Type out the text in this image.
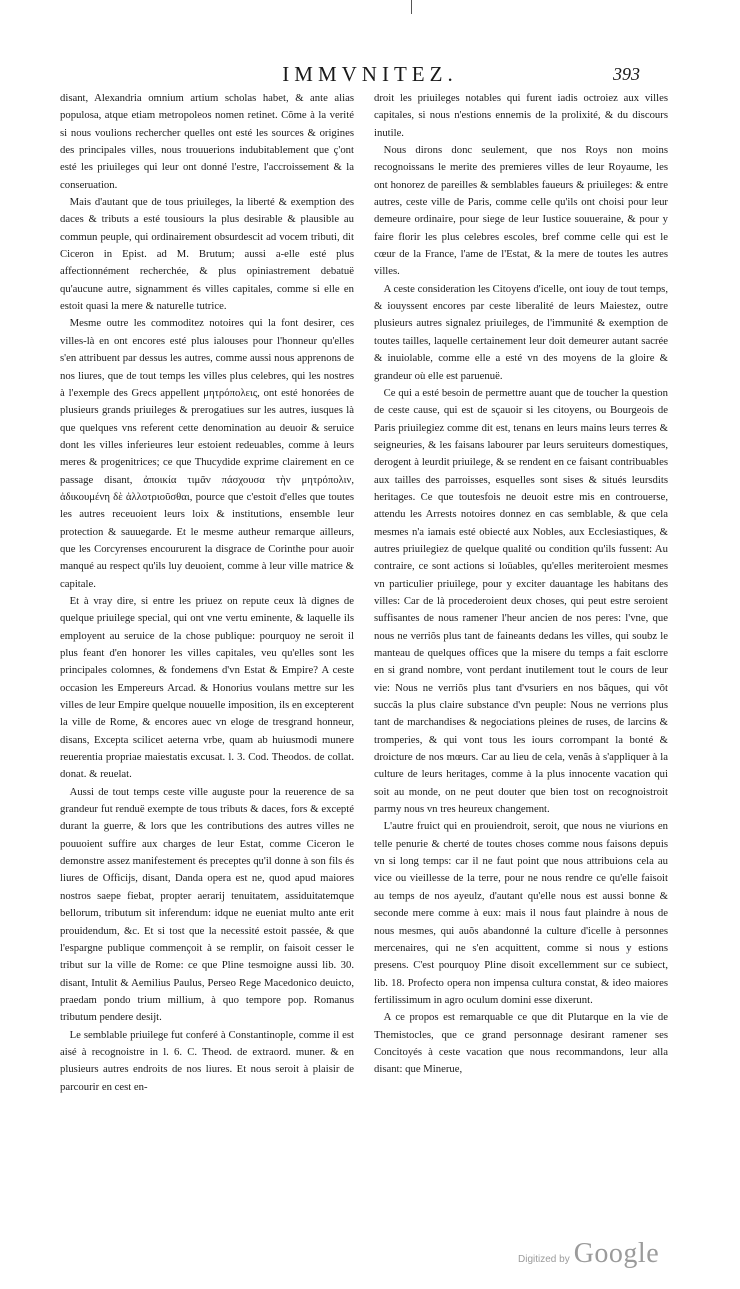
IMMVNITEZ.	393

disant, Alexandria omnium artium scholas habet, & ante alias populosa, atque etiam metropoleos nomen retinet. Cõme à la verité si nous voulions rechercher quelles ont esté les sources & origines des principales villes, nous trouuerions indubitablement que ç'ont esté les priuileges qui leur ont donné l'estre, l'accroissement & la conseruation.

Mais d'autant que de tous priuileges, la liberté & exemption des daces & tributs a esté tousiours la plus desirable & plausible au commun peuple, qui ordinairement obsurdescit ad vocem tributi, dit Ciceron in Epist. ad M. Brutum; aussi a-elle esté plus affectionnément recherchée, & plus opiniastrement debatuë qu'aucune autre, signamment és villes capitales, comme si elle en estoit quasi la mere & naturelle tutrice.

Mesme outre les commoditez notoires qui la font desirer, ces villes-là en ont encores esté plus ialouses pour l'honneur qu'elles s'en attribuent par dessus les autres, comme aussi nous apprenons de nos liures, que de tout temps les villes plus celebres, qui les nostres à l'exemple des Grecs appellent μητρόπολεις, ont esté honorées de plusieurs grands priuileges & prerogatiues sur les autres, iusques là que quelques vns referent cette denomination au deuoir & seruice dont les villes inferieures leur estoient redeuables, comme à leurs meres & progenitrices; ce que Thucydide exprime clairement en ce passage disant, ἀποικία τιμᾶν πάσχουσα τὴν μητρόπολιν, ἀδικουμένη δὲ ἀλλοτριοῦσθαι, pource que c'estoit d'elles que toutes les autres receuoient leurs loix & institutions, ensemble leur protection & sauuegarde. Et le mesme autheur remarque ailleurs, que les Corcyrenses encoururent la disgrace de Corinthe pour auoir manqué au respect qu'ils luy deuoient, comme à leur ville matrice & capitale.

Et à vray dire, si entre les priuez on repute ceux là dignes de quelque priuilege special, qui ont vne vertu eminente, & laquelle ils employent au seruice de la chose publique: pourquoy ne seroit il plus feant d'en honorer les villes capitales, veu qu'elles sont les principales colomnes, & fondemens d'vn Estat & Empire? A ceste occasion les Empereurs Arcad. & Honorius voulans mettre sur les villes de leur Empire quelque nouuelle imposition, ils en excepterent la ville de Rome, & encores auec vn eloge de tresgrand honneur, disans, Excepta scilicet aeterna vrbe, quam ab huiusmodi munere reuerentia propriae maiestatis excusat. l. 3. Cod. Theodos. de collat. donat. & reuelat.

Aussi de tout temps ceste ville auguste pour la reuerence de sa grandeur fut renduë exempte de tous tributs & daces, fors & excepté durant la guerre, & lors que les contributions des autres villes ne pouuoient suffire aux charges de leur Estat, comme Ciceron le demonstre assez manifestement és preceptes qu'il donne à son fils és liures de Officijs, disant, Danda opera est ne, quod apud maiores nostros saepe fiebat, propter aerarij tenuitatem, assiduitatemque bellorum, tributum sit inferendum: idque ne eueniat multo ante erit prouidendum, &c. Et si tost que la necessité estoit passée, & que l'espargne publique commençoit à se remplir, on faisoit cesser le tribut sur la ville de Rome: ce que Pline tesmoigne aussi lib. 30. disant, Intulit & Aemilius Paulus, Perseo Rege Macedonico deuicto, praedam pondo trium millium, à quo tempore pop. Romanus tributum pendere desijt.

Le semblable priuilege fut conferé à Constantinople, comme il est aisé à recognoistre in l. 6. C. Theod. de extraord. muner. & en plusieurs autres endroits de nos liures. Et nous seroit à plaisir de parcourir en cest en-

droit les priuileges notables qui furent iadis octroiez aux villes capitales, si nous n'estions ennemis de la prolixité, & du discours inutile.

Nous dirons donc seulement, que nos Roys non moins recognoissans le merite des premieres villes de leur Royaume, les ont honorez de pareilles & semblables faueurs & priuileges: & entre autres, ceste ville de Paris, comme celle qu'ils ont choisi pour leur demeure ordinaire, pour siege de leur Iustice souueraine, & pour y faire florir les plus celebres escoles, bref comme celle qui est le cœur de la France, l'ame de l'Estat, & la mere de toutes les autres villes.

A ceste consideration les Citoyens d'icelle, ont iouy de tout temps, & iouyssent encores par ceste liberalité de leurs Maiestez, outre plusieurs autres signalez priuileges, de l'immunité & exemption de toutes tailles, laquelle certainement leur doit demeurer autant sacrée & inuiolable, comme elle a esté vn des moyens de la gloire & grandeur où elle est paruenuë.

Ce qui a esté besoin de permettre auant que de toucher la question de ceste cause, qui est de sçauoir si les citoyens, ou Bourgeois de Paris priuilegiez comme dit est, tenans en leurs mains leurs terres & seigneuries, & les faisans labourer par leurs seruiteurs domestiques, derogent à leurdit priuilege, & se rendent en ce faisant contribuables aux tailles des parroisses, esquelles sont sises & situés leursdits heritages. Ce que toutesfois ne deuoit estre mis en controuerse, attendu les Arrests notoires donnez en cas semblable, & que cela mesmes n'a iamais esté obiecté aux Nobles, aux Ecclesiastiques, & autres priuilegiez de quelque qualité ou condition qu'ils fussent: Au contraire, ce sont actions si loüables, qu'elles meriteroient mesmes vn particulier priuilege, pour y exciter dauantage les habitans des villes: Car de là procederoient deux choses, qui peut estre seroient suffisantes de nous ramener l'heur ancien de nos peres: l'vne, que nous ne verriõs plus tant de faineants dedans les villes, qui soubz le manteau de quelques offices que la misere du temps a fait esclorre en si grand nombre, vont perdant inutilement tout le cours de leur vie: Nous ne verriõs plus tant d'vsuriers en nos bãques, qui võt succãs la plus claire substance d'vn peuple: Nous ne verrions plus tant de marchandises & negociations pleines de ruses, de larcins & tromperies, & qui vont tous les iours corrompant la bonté & droicture de nos mœurs. Car au lieu de cela, venãs à s'appliquer à la culture de leurs heritages, comme à la plus innocente vacation qui soit au monde, on ne peut douter que bien tost on recognoistroit parmy nous vn tres heureux changement.

L'autre fruict qui en prouiendroit, seroit, que nous ne viurions en telle penurie & cherté de toutes choses comme nous faisons depuis vn si long temps: car il ne faut point que nous attribuions cela au vice ou vieillesse de la terre, pour ne nous rendre ce qu'elle faisoit au temps de nos ayeulz, d'autant qu'elle nous est aussi bonne & seconde mere comme à eux: mais il nous faut plaindre à nous de nous mesmes, qui auõs abandonné la culture d'icelle à personnes mercenaires, qui ne s'en acquittent, comme si nous y estions presens. C'est pourquoy Pline disoit excellemment sur ce subiect, lib. 18. Profecto opera non impensa cultura constat, & ideo maiores fertilissimum in agro oculum domini esse dixerunt.

A ce propos est remarquable ce que dit Plutarque en la vie de Themistocles, que ce grand personnage desirant ramener ses Concitoyés à ceste vacation que nous recommandons, leur alla disant: que Minerue,

Digitized by Google
